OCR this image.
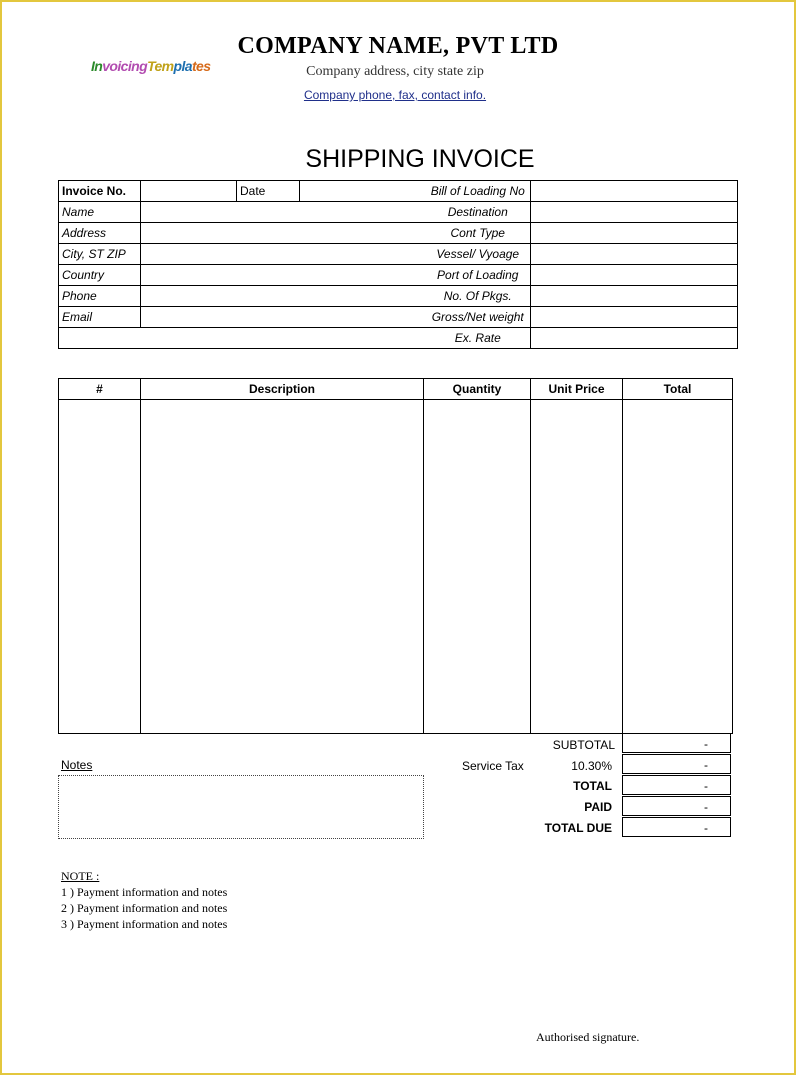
COMPANY NAME, PVT LTD
Company address, city state zip
Company phone, fax, contact info.
InvoicingTemplates
SHIPPING INVOICE
Invoice No.		Date		Bill of Loading No	
Name				Destination	
Address				Cont Type	
City, ST ZIP				Vessel/ Vyoage	
Country				Port of Loading	
Phone				No. Of Pkgs.	
Email				Gross/Net weight	
				Ex. Rate	
#	Description	Quantity	Unit Price	Total

SUBTOTAL	-
Service Tax	10.30%	-
TOTAL	-
PAID	-
TOTAL DUE	-
Notes
NOTE :
1 ) Payment information and notes
2 ) Payment information and notes
3 ) Payment information and notes
Authorised signature.
